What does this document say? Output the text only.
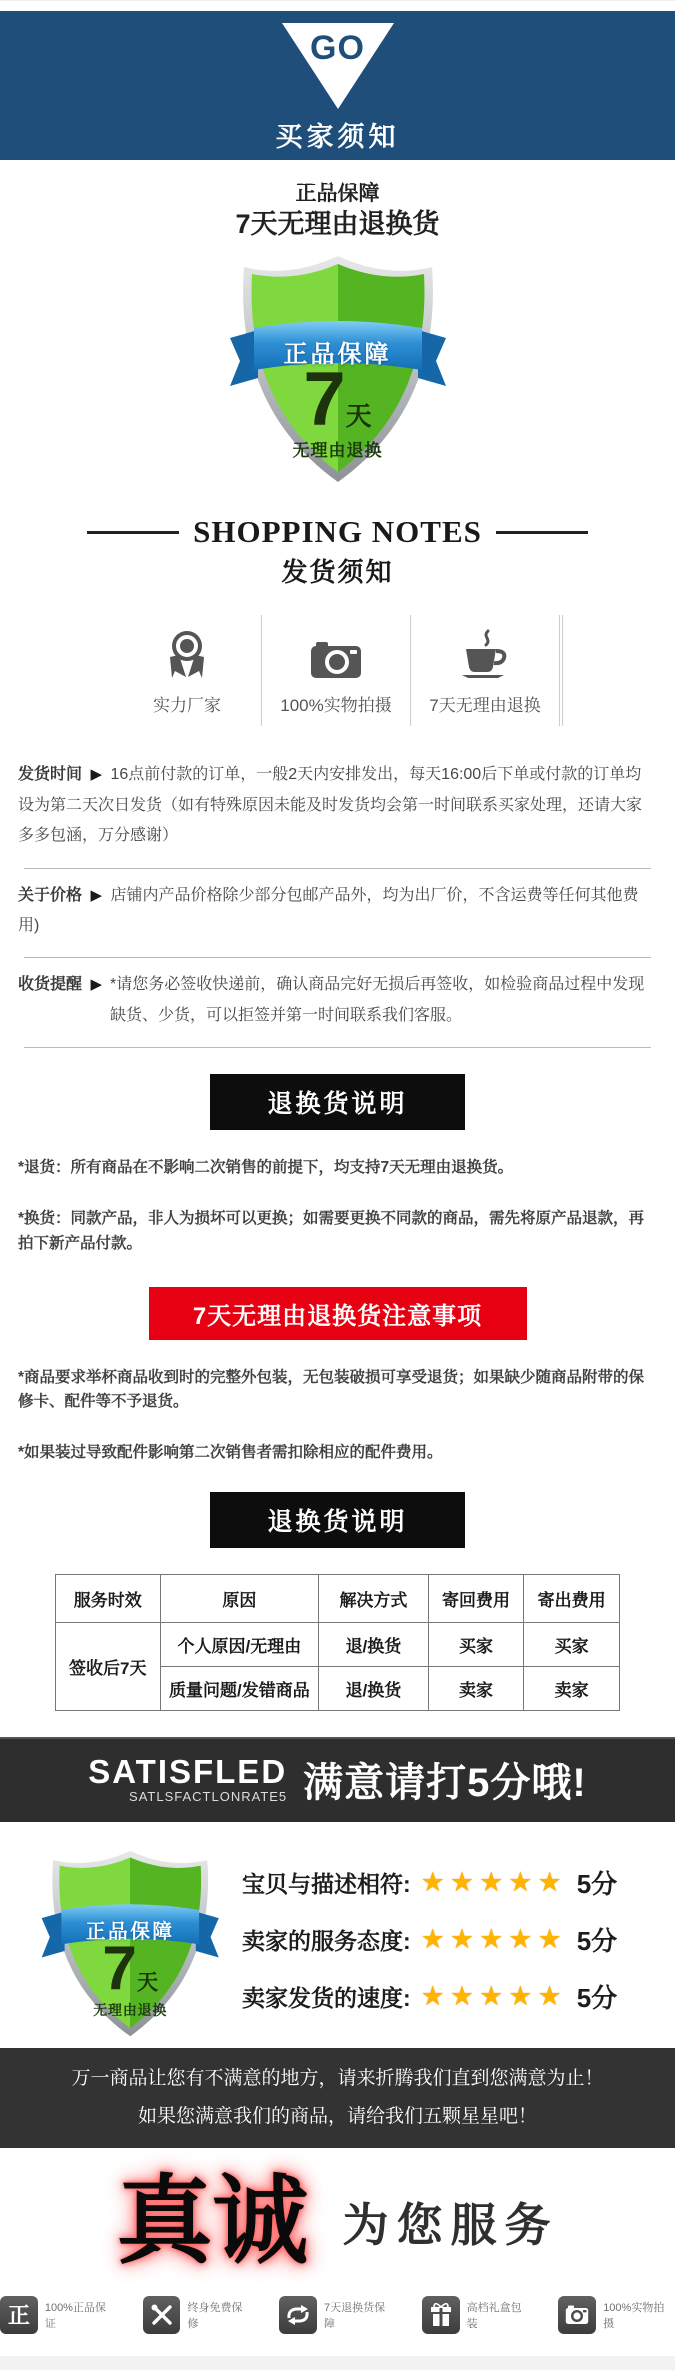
GO
买家须知
buyers must read
正品保障
7天无理由退换货
正品保障
7天
无理由退换
SHOPPING NOTES
发货须知
实力厂家	100%实物拍摄 7天无理由退换
发货时间 ▶ 16点前付款的订单，一般2天内安排发出，每天16:00后下单或付款的订单均设为第二天次日发货（如有特殊原因未能及时发货均会第一时间联系买家处理，还请大家多多包涵，万分感谢）
关于价格 ▶ 店铺内产品价格除少部分包邮产品外，均为出厂价，不含运费等任何其他费用)
收货提醒 ▶ *请您务必签收快递前，确认商品完好无损后再签收，如检验商品过程中发现缺货、少货，可以拒签并第一时间联系我们客服。
退换货说明
*退货：所有商品在不影响二次销售的前提下，均支持7天无理由退换货。
*换货：同款产品，非人为损坏可以更换；如需要更换不同款的商品，需先将原产品退款，再拍下新产品付款。
7天无理由退换货注意事项
*商品要求举杯商品收到时的完整外包装，无包装破损可享受退货；如果缺少随商品附带的保修卡、配件等不予退货。
*如果装过导致配件影响第二次销售者需扣除相应的配件费用。
退换货说明
服务时效	原因	解决方式	寄回费用	寄出费用
签收后7天	个人原因/无理由	退/换货	买家	买家
	质量问题/发错商品	退/换货	卖家	卖家
SATISFLED
SATLSFACTLONRATE5 满意请打5分哦!
正品保障
7天
无理由退换
宝贝与描述相符: ★★★★★ 5分
卖家的服务态度: ★★★★★ 5分
卖家发货的速度: ★★★★★ 5分
万一商品让您有不满意的地方，请来折腾我们直到您满意为止！
如果您满意我们的商品，请给我们五颗星星吧！
真诚 为您服务
正	100%正品保证
终身免费保修
7天退换货保障
高档礼盒包装
100%实物拍摄
